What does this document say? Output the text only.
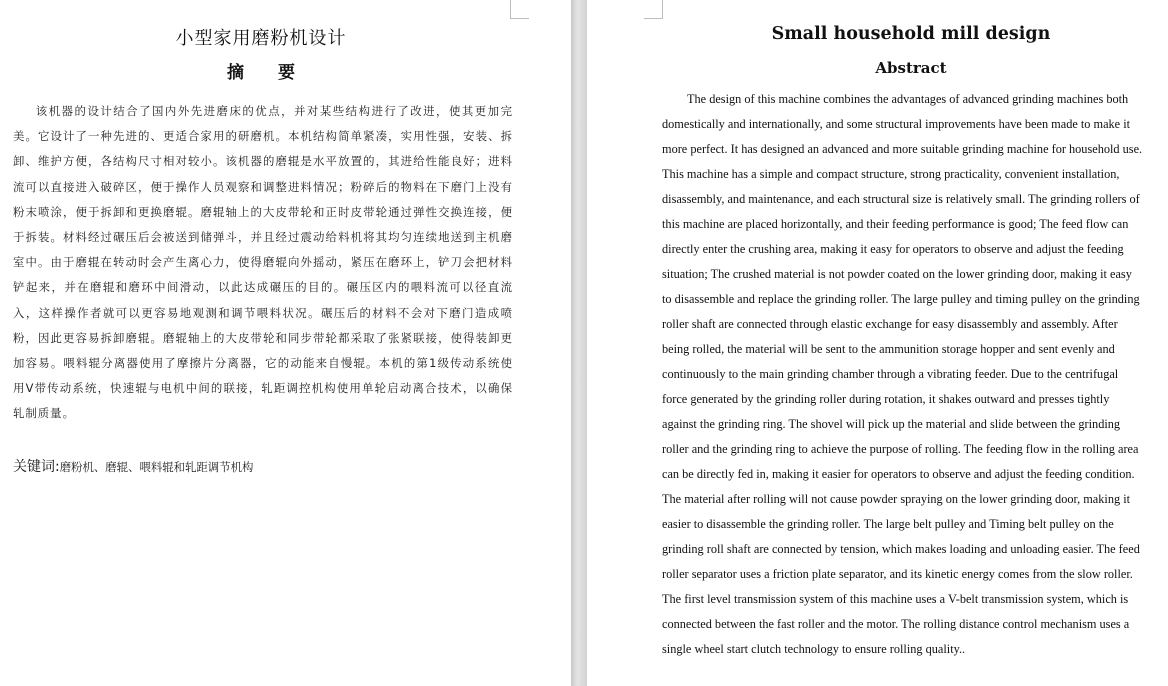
小型家用磨粉机设计
摘 要

该机器的设计结合了国内外先进磨床的优点，并对某些结构进行了改进，使其更加完美。它设计了一种先进的、更适合家用的研磨机。本机结构简单紧凑，实用性强，安装、拆卸、维护方便，各结构尺寸相对较小。该机器的磨辊是水平放置的，其进给性能良好；进料流可以直接进入破碎区，便于操作人员观察和调整进料情况；粉碎后的物料在下磨门上没有粉末喷涂，便于拆卸和更换磨辊。磨辊轴上的大皮带轮和正时皮带轮通过弹性交换连接，便于拆装。材料经过碾压后会被送到储弹斗，并且经过震动给料机将其均匀连续地送到主机磨室中。由于磨辊在转动时会产生离心力，使得磨辊向外摇动，紧压在磨环上，铲刀会把材料铲起来，并在磨辊和磨环中间滑动，以此达成碾压的目的。碾压区内的喂料流可以径直流入，这样操作者就可以更容易地观测和调节喂料状况。碾压后的材料不会对下磨门造成喷粉，因此更容易拆卸磨辊。磨辊轴上的大皮带轮和同步带轮都采取了张紧联接，使得装卸更加容易。喂料辊分离器使用了摩擦片分离器，它的动能来自慢辊。本机的第1级传动系统使用V带传动系统，快速辊与电机中间的联接，轧距调控机构使用单轮启动离合技术，以确保轧制质量。

关键词:磨粉机、磨辊、喂料辊和轧距调节机构

Small household mill design
Abstract
The design of this machine combines the advantages of advanced grinding machines both
domestically and internationally, and some structural improvements have been made to make it
more perfect. It has designed an advanced and more suitable grinding machine for household use.
This machine has a simple and compact structure, strong practicality, convenient installation,
disassembly, and maintenance, and each structural size is relatively small. The grinding rollers of
this machine are placed horizontally, and their feeding performance is good; The feed flow can
directly enter the crushing area, making it easy for operators to observe and adjust the feeding
situation; The crushed material is not powder coated on the lower grinding door, making it easy
to disassemble and replace the grinding roller. The large pulley and timing pulley on the grinding
roller shaft are connected through elastic exchange for easy disassembly and assembly. After
being rolled, the material will be sent to the ammunition storage hopper and sent evenly and
continuously to the main grinding chamber through a vibrating feeder. Due to the centrifugal
force generated by the grinding roller during rotation, it shakes outward and presses tightly
against the grinding ring. The shovel will pick up the material and slide between the grinding
roller and the grinding ring to achieve the purpose of rolling. The feeding flow in the rolling area
can be directly fed in, making it easier for operators to observe and adjust the feeding condition.
The material after rolling will not cause powder spraying on the lower grinding door, making it
easier to disassemble the grinding roller. The large belt pulley and Timing belt pulley on the
grinding roll shaft are connected by tension, which makes loading and unloading easier. The feed
roller separator uses a friction plate separator, and its kinetic energy comes from the slow roller.
The first level transmission system of this machine uses a V-belt transmission system, which is
connected between the fast roller and the motor. The rolling distance control mechanism uses a
single wheel start clutch technology to ensure rolling quality..
